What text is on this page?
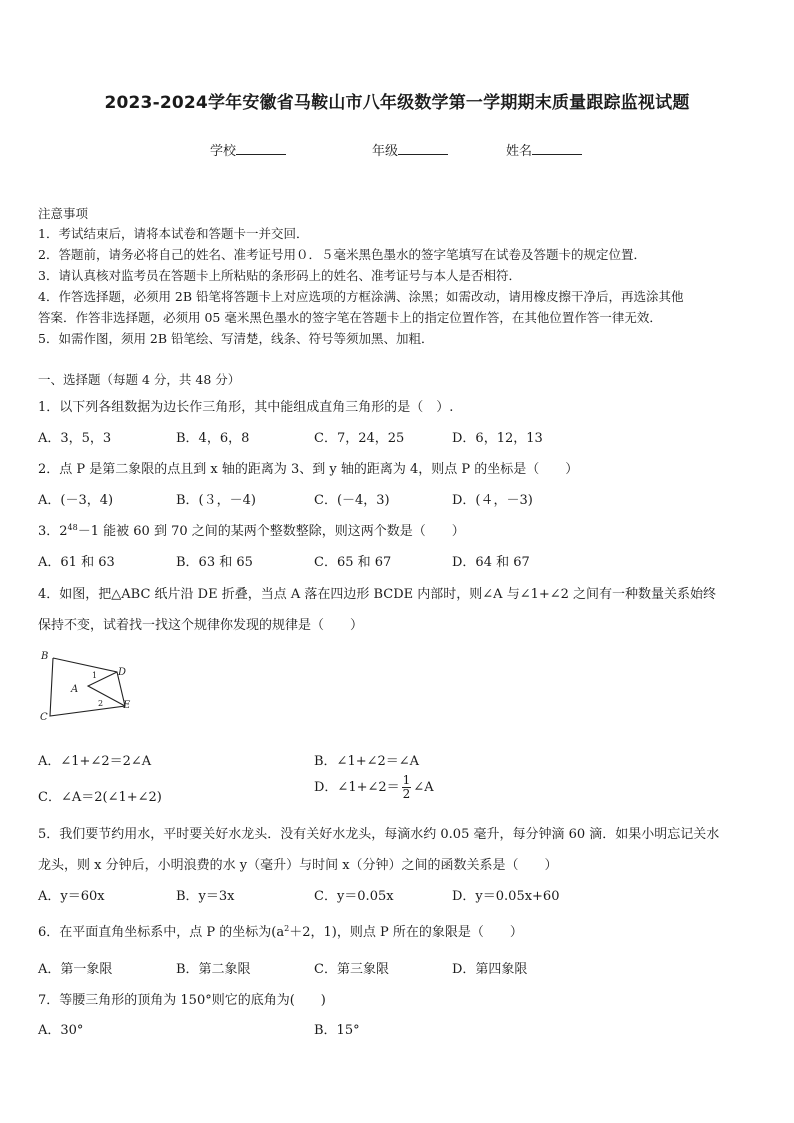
2023-2024学年安徽省马鞍山市八年级数学第一学期期末质量跟踪监视试题
学校	年级	姓名
注意事项
1．考试结束后，请将本试卷和答题卡一并交回．
2．答题前，请务必将自己的姓名、准考证号用０．５毫米黑色墨水的签字笔填写在试卷及答题卡的规定位置．
3．请认真核对监考员在答题卡上所粘贴的条形码上的姓名、准考证号与本人是否相符．
4．作答选择题，必须用 2B 铅笔将答题卡上对应选项的方框涂满、涂黑；如需改动，请用橡皮擦干净后，再选涂其他
答案．作答非选择题，必须用 05 毫米黑色墨水的签字笔在答题卡上的指定位置作答，在其他位置作答一律无效．
5．如需作图，须用 2B 铅笔绘、写清楚，线条、符号等须加黑、加粗．
一、选择题（每题 4 分，共 48 分）
1．以下列各组数据为边长作三角形，其中能组成直角三角形的是（　）.
A．3，5，3	B．4，6，8	C．7，24，25	D．6，12，13
2．点 P 是第二象限的点且到 x 轴的距离为 3、到 y 轴的距离为 4，则点 P 的坐标是（　　）
A．(－3，4)	B．(３，－4)	C．(－4，3)	D．(４，－3)
3．$2^{48}-1$ 能被 60 到 70 之间的某两个整数整除，则这两个数是（　　）
A．61 和 63	B．63 和 65	C．65 和 67	D．64 和 67
4．如图，把△ABC 纸片沿 DE 折叠，当点 A 落在四边形 BCDE 内部时，则∠A 与∠1+∠2 之间有一种数量关系始终
保持不变，试着找一找这个规律你发现的规律是（　　）
B
C
D
E
A
1
2
A．∠1+∠2＝2∠A	B．∠1+∠2＝∠A
C．∠A＝2(∠1+∠2)
D．∠1+∠2＝ $\frac{1}{2}$ ∠A
5．我们要节约用水，平时要关好水龙头．没有关好水龙头，每滴水约 0.05 毫升，每分钟滴 60 滴．如果小明忘记关水
龙头，则 x 分钟后，小明浪费的水 y（毫升）与时间 x（分钟）之间的函数关系是（　　）
A．y＝60x	B．y＝3x	C．y＝0.05x	D．y＝0.05x+60
6．在平面直角坐标系中，点 P 的坐标为($a^2+2$，1)，则点 P 所在的象限是（　　）
A．第一象限	B．第二象限	C．第三象限	D．第四象限
7．等腰三角形的顶角为 150°则它的底角为(　　)
A．30°	B．15°
